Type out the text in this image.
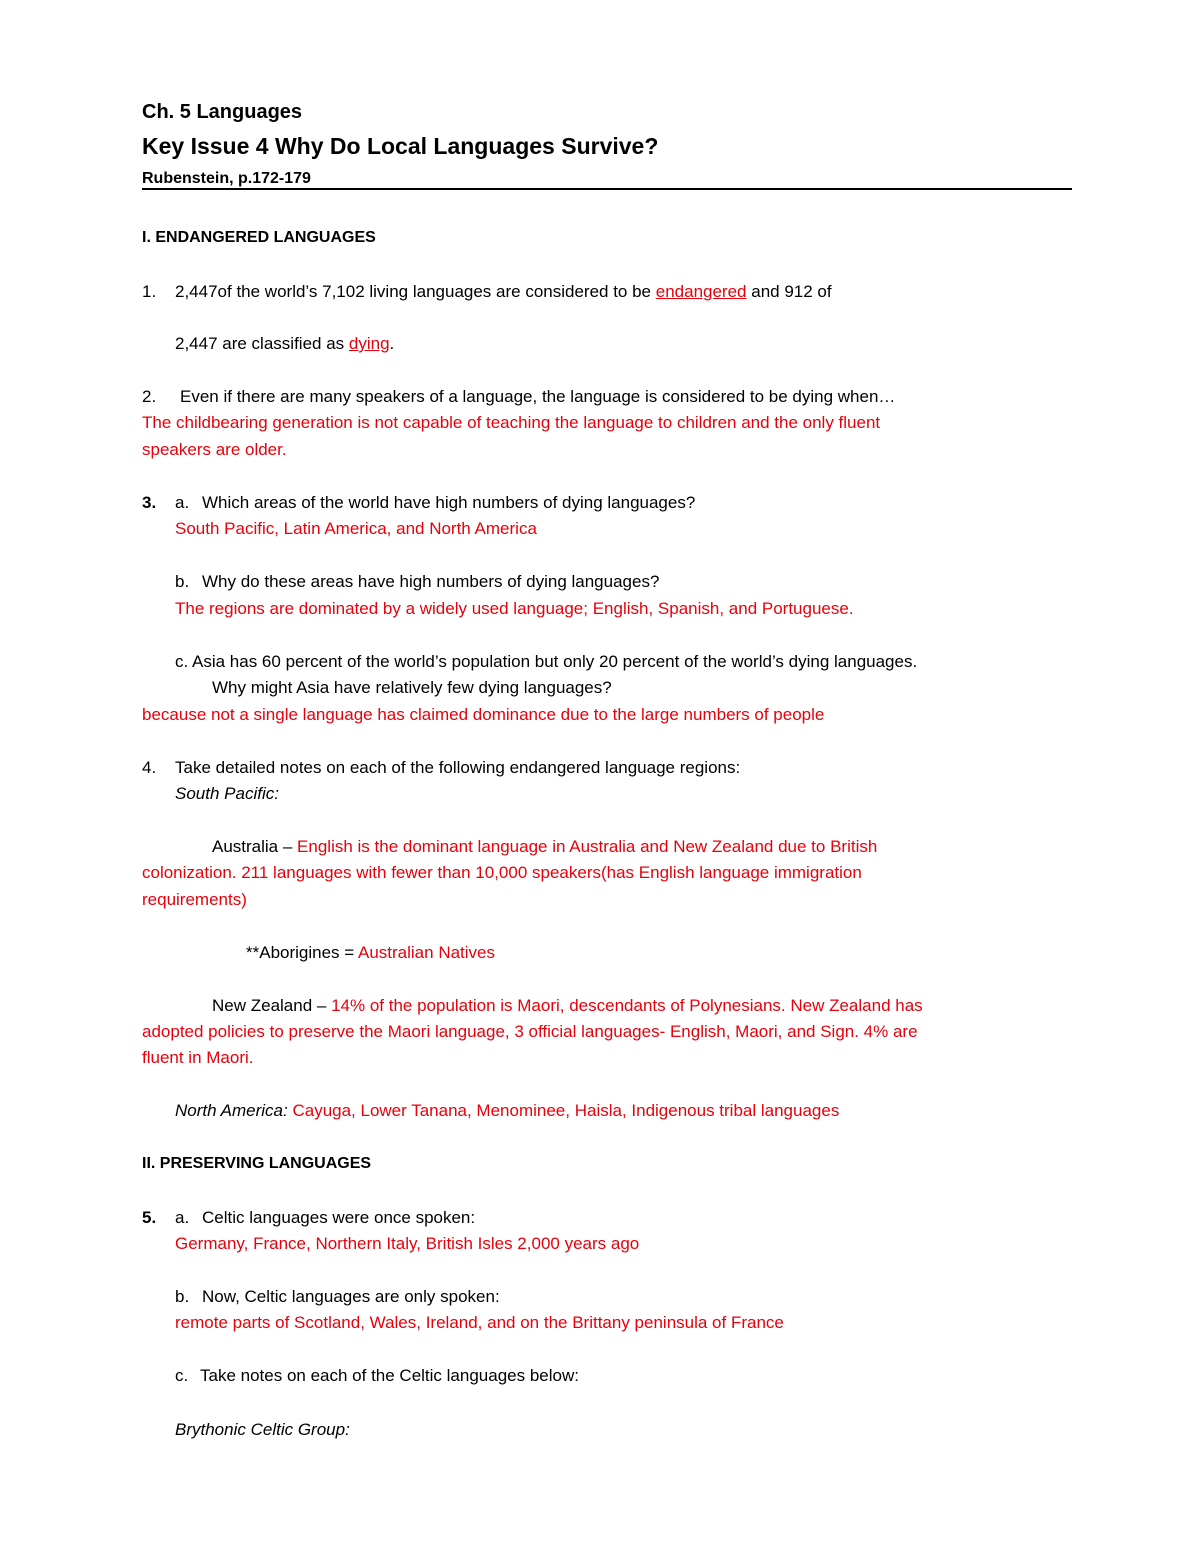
Ch. 5 Languages
Key Issue 4 Why Do Local Languages Survive?
Rubenstein, p.172-179
I. ENDANGERED LANGUAGES
1. 2,447of the world’s 7,102 living languages are considered to be endangered and 912 of
2,447 are classified as dying.
2. Even if there are many speakers of a language, the language is considered to be dying when…
The childbearing generation is not capable of teaching the language to children and the only fluent
speakers are older.
3. a. Which areas of the world have high numbers of dying languages?
South Pacific, Latin America, and North America
b. Why do these areas have high numbers of dying languages?
The regions are dominated by a widely used language; English, Spanish, and Portuguese.
c. Asia has 60 percent of the world’s population but only 20 percent of the world’s dying languages.
Why might Asia have relatively few dying languages?
because not a single language has claimed dominance due to the large numbers of people
4. Take detailed notes on each of the following endangered language regions:
South Pacific:
Australia – English is the dominant language in Australia and New Zealand due to British
colonization. 211 languages with fewer than 10,000 speakers(has English language immigration
requirements)
**Aborigines = Australian Natives
New Zealand – 14% of the population is Maori, descendants of Polynesians. New Zealand has
adopted policies to preserve the Maori language, 3 official languages- English, Maori, and Sign. 4% are
fluent in Maori.
North America: Cayuga, Lower Tanana, Menominee, Haisla, Indigenous tribal languages
II. PRESERVING LANGUAGES
5. a. Celtic languages were once spoken:
Germany, France, Northern Italy, British Isles 2,000 years ago
b. Now, Celtic languages are only spoken:
remote parts of Scotland, Wales, Ireland, and on the Brittany peninsula of France
c. Take notes on each of the Celtic languages below:
Brythonic Celtic Group:
